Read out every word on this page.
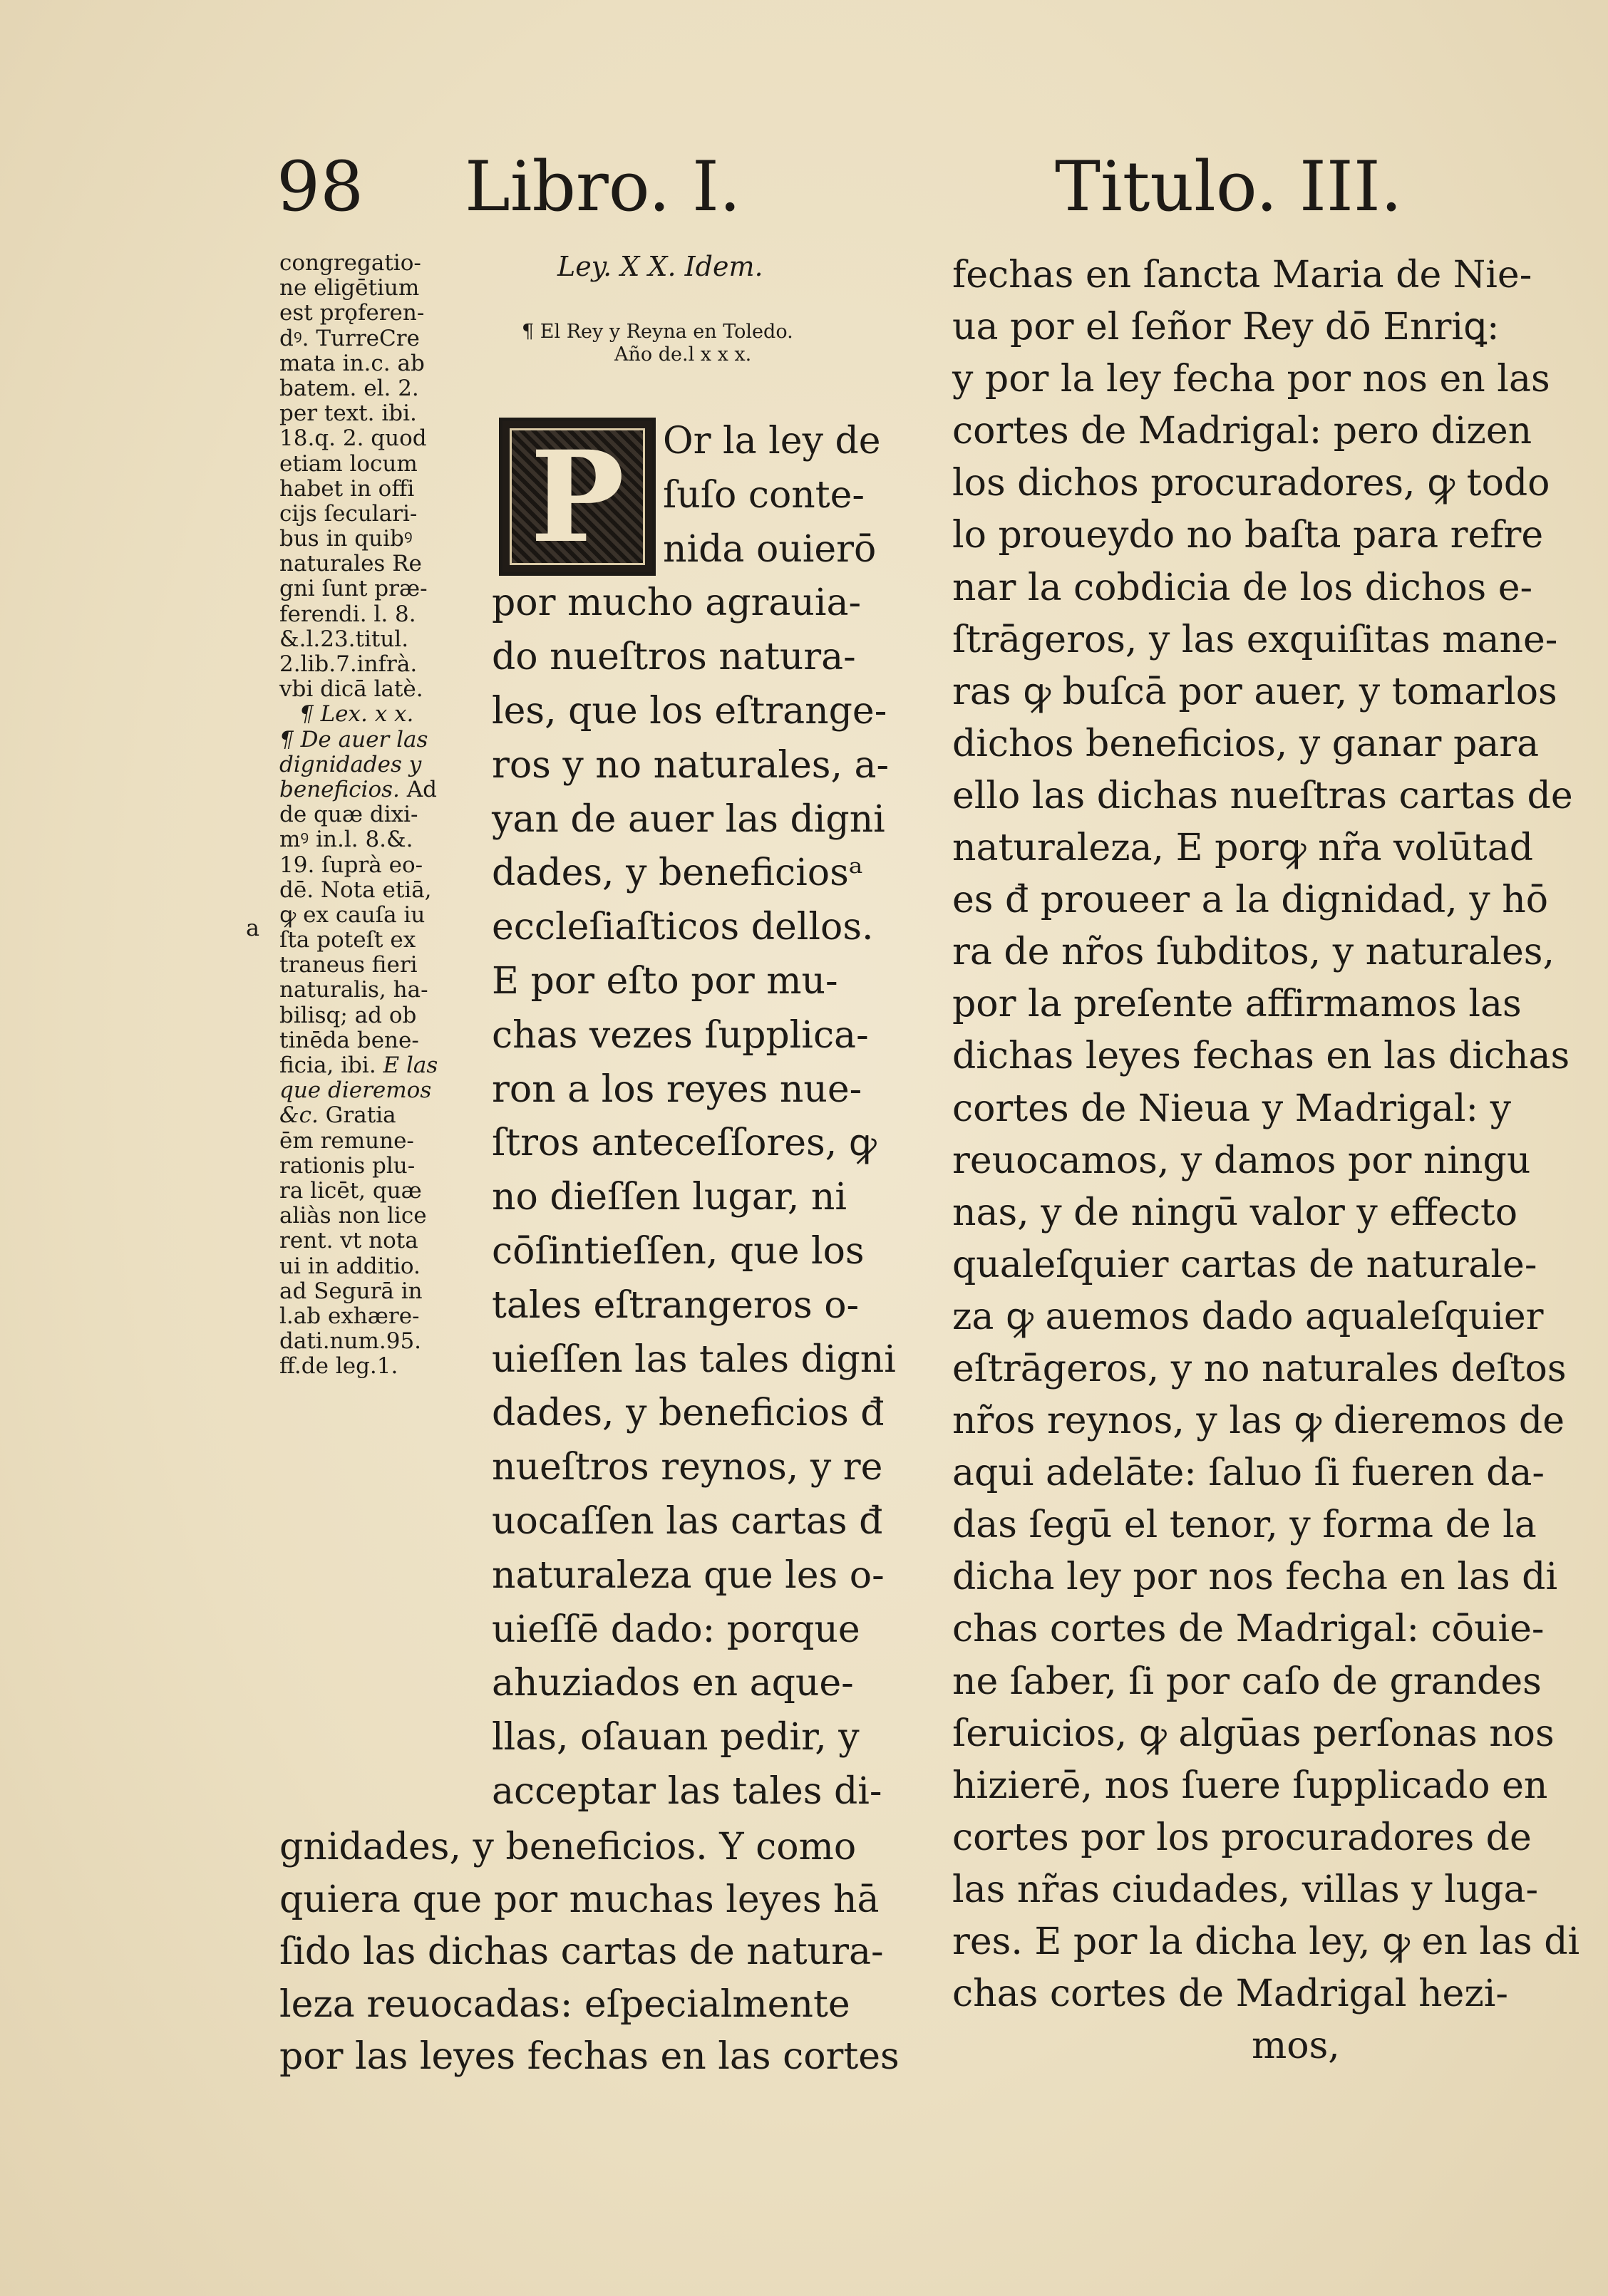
98 Libro. I.	Titulo. III.
congregatio-
ne eligētium
est prǫferen-
dꝰ. TurreCre
mata in.c. ab
batem. el. 2.
per text. ibi.
18.q. 2. quod
etiam locum
habet in offi
cijs ſeculari-
bus in quibꝰ
naturales Re
gni ſunt præ-
ferendi. l. 8.
&.l.23.titul.
2.lib.7.infrà.
vbi dicā latè.
¶ Lex. x x.
¶ De auer las
dignidades y
beneficios. Ad
de quæ dixi-
mꝰ in.l. 8.&.
19. ſuprà eo-
dē. Nota etiā,
ꝙ ex cauſa iu
ſta poteſt ex
traneus fieri
naturalis, ha-
bilisq; ad ob
tinēda bene-
ficia, ibi. E las
que dieremos
&c. Gratia
ēm remune-
rationis plu-
ra licēt, quæ
aliàs non lice
rent. vt nota
ui in additio.
ad Segurā in
l.ab exhære-
dati.num.95.
ff.de leg.1.
a
P
Ley. X X. Idem.
¶ El Rey y Reyna en Toledo.
Año de.l x x x.
Or la ley de
ſuſo conte-
nida ouierō
por mucho agrauia-
do nueſtros natura-
les, que los eſtrange-
ros y no naturales, a-
yan de auer las digni
dades, y beneficiosᵃ
eccleſiaſticos dellos.
E por eſto por mu-
chas vezes ſupplica-
ron a los reyes nue-
ſtros anteceſſores, ꝙ
no dieſſen lugar, ni
cōſintieſſen, que los
tales eſtrangeros o-
uieſſen las tales digni
dades, y beneficios đ
nueſtros reynos, y re
uocaſſen las cartas đ
naturaleza que les o-
uieſſē dado: porque
ahuziados en aque-
llas, oſauan pedir, y
acceptar las tales di-
gnidades, y beneficios. Y como
quiera que por muchas leyes hā
ſido las dichas cartas de natura-
leza reuocadas: eſpecialmente
por las leyes fechas en las cortes
fechas en ſancta Maria de Nie-
ua por el ſeñor Rey dō Enriꝗ:
y por la ley fecha por nos en las
cortes de Madrigal: pero dizen
los dichos procuradores, ꝙ todo
lo proueydo no baſta para refre
nar la cobdicia de los dichos e-
ſtrāgeros, y las exquiſitas mane-
ras ꝙ buſcā por auer, y tomarlos
dichos beneficios, y ganar para
ello las dichas nueſtras cartas de
naturaleza, E porꝙ nr̃a volūtad
es đ proueer a la dignidad, y hō
ra de nr̃os ſubditos, y naturales,
por la preſente affirmamos las
dichas leyes fechas en las dichas
cortes de Nieua y Madrigal: y
reuocamos, y damos por ningu
nas, y de ningū valor y effecto
qualeſquier cartas de naturale-
za ꝙ auemos dado aqualeſquier
eſtrāgeros, y no naturales deſtos
nr̃os reynos, y las ꝙ dieremos de
aqui adelāte: ſaluo ſi fueren da-
das ſegū el tenor, y forma de la
dicha ley por nos fecha en las di
chas cortes de Madrigal: cōuie-
ne ſaber, ſi por caſo de grandes
ſeruicios, ꝙ algūas perſonas nos
hizierē, nos ſuere ſupplicado en
cortes por los procuradores de
las nr̃as ciudades, villas y luga-
res. E por la dicha ley, ꝙ en las di
chas cortes de Madrigal hezi-
mos,
